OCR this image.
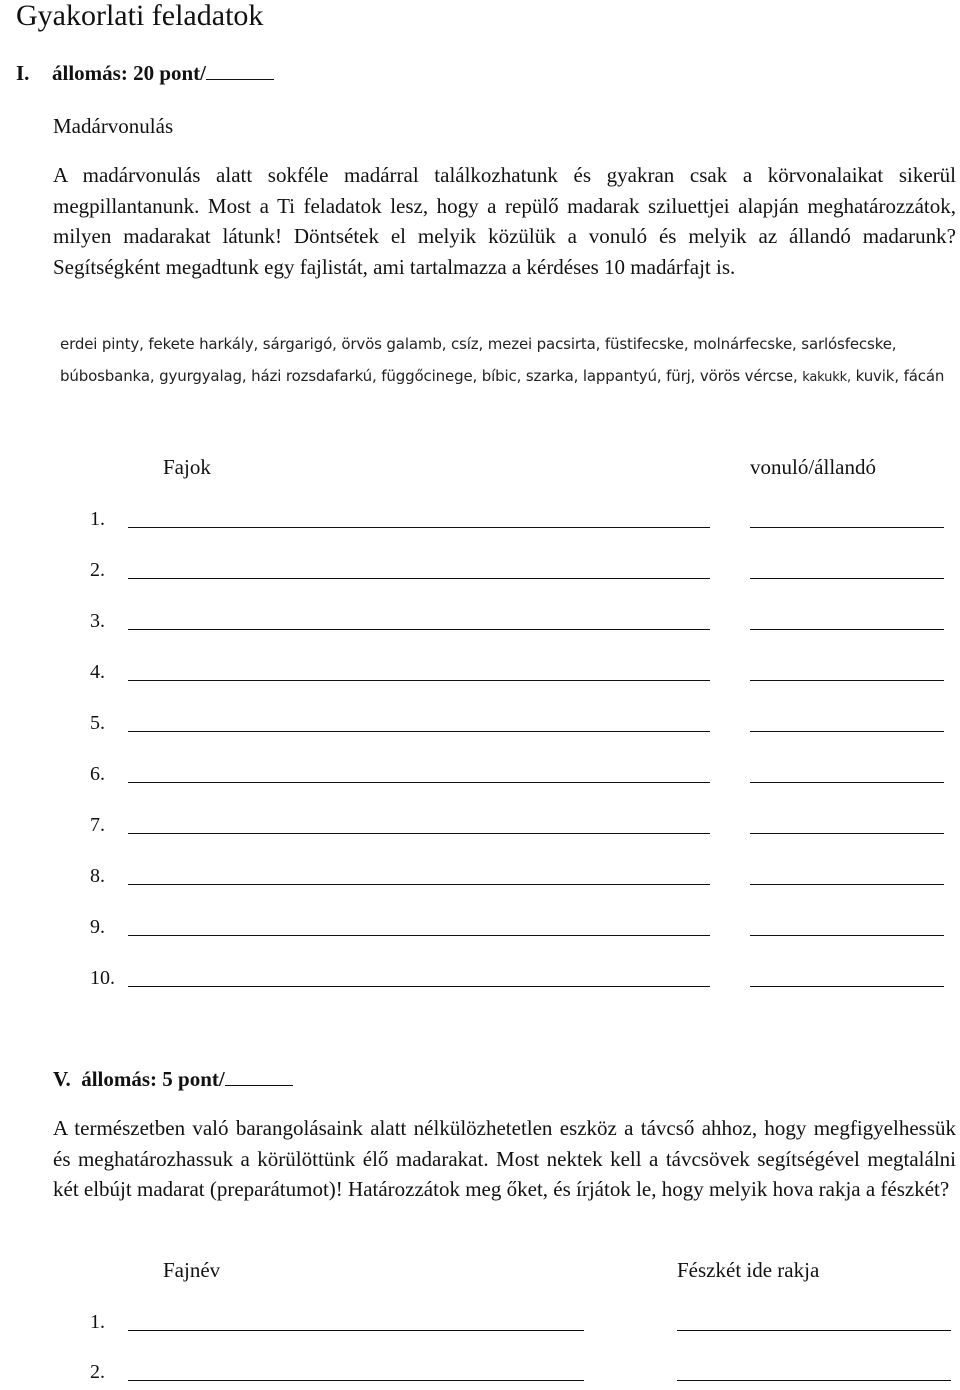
Gyakorlati feladatok
I. állomás: 20 pont/
Madárvonulás
A madárvonulás alatt sokféle madárral találkozhatunk és gyakran csak a körvonalaikat sikerül megpillantanunk. Most a Ti feladatok lesz, hogy a repülő madarak sziluettjei alapján meghatározzátok, milyen madarakat látunk! Döntsétek el melyik közülük a vonuló és melyik az állandó madarunk? Segítségként megadtunk egy fajlistát, ami tartalmazza a kérdéses 10 madárfajt is.
erdei pinty, fekete harkály, sárgarigó, örvös galamb, csíz, mezei pacsirta, füstifecske, molnárfecske, sarlósfecske, búbosbanka, gyurgyalag, házi rozsdafarkú, függőcinege, bíbic, szarka, lappantyú, fürj, vörös vércse, kakukk, kuvik, fácán
Fajok	vonuló/állandó
1.
2.
3.
4.
5.
6.
7.
8.
9.
10.
V. állomás: 5 pont/
A természetben való barangolásaink alatt nélkülözhetetlen eszköz a távcső ahhoz, hogy megfigyelhessük és meghatározhassuk a körülöttünk élő madarakat. Most nektek kell a távcsövek segítségével megtalálni két elbújt madarat (preparátumot)! Határozzátok meg őket, és írjátok le, hogy melyik hova rakja a fészkét?
Fajnév	Fészkét ide rakja
1.
2.
